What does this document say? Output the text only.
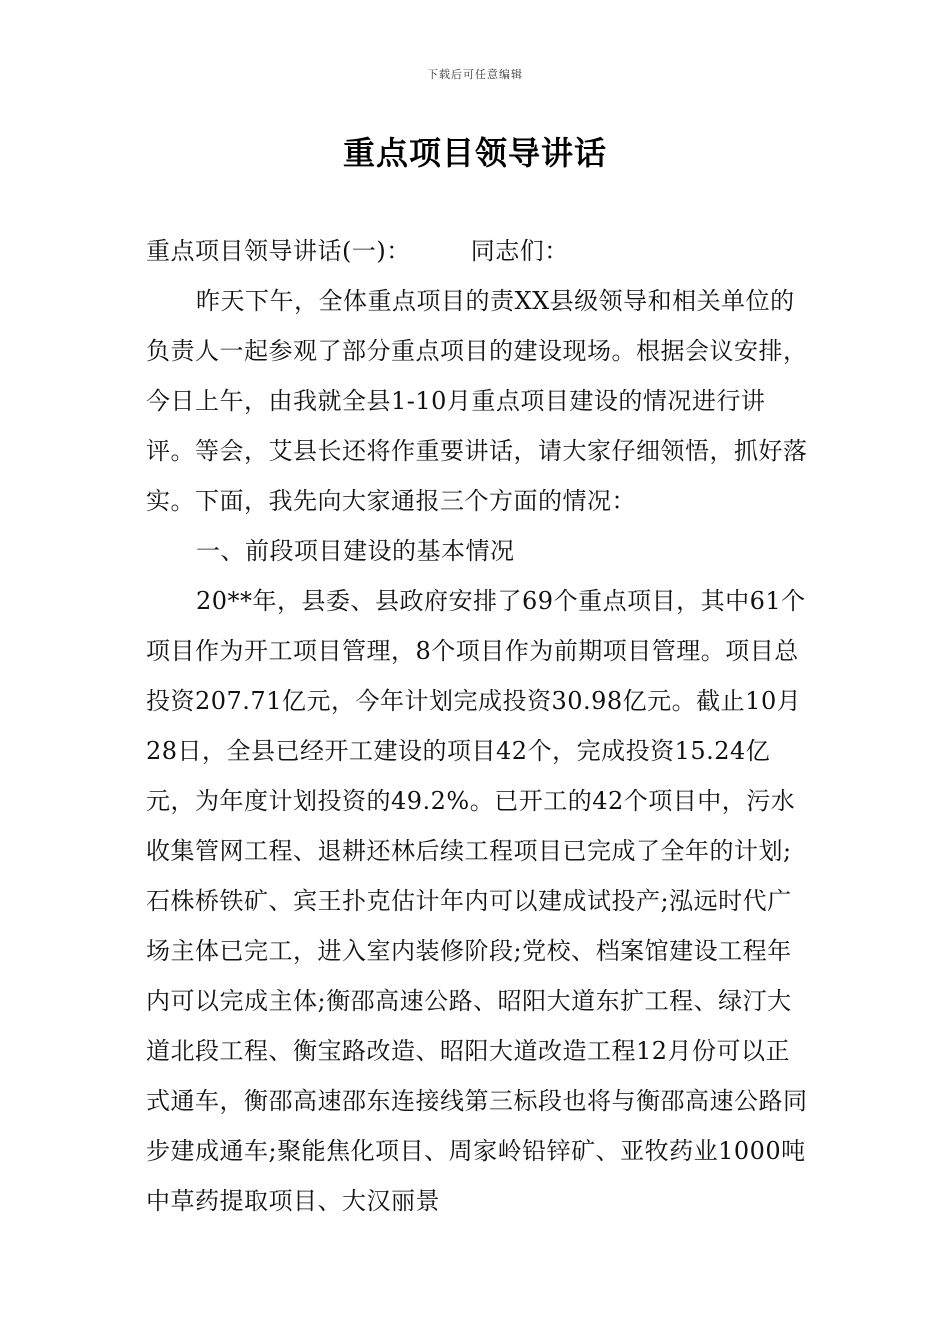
下载后可任意编辑
重点项目领导讲话

重点项目领导讲话(一)：	同志们：

昨天下午，全体重点项目的责XX县级领导和相关单位的负责人一起参观了部分重点项目的建设现场。根据会议安排，今日上午，由我就全县1-10月重点项目建设的情况进行讲评。等会，艾县长还将作重要讲话，请大家仔细领悟，抓好落实。下面，我先向大家通报三个方面的情况：

一、前段项目建设的基本情况

20**年，县委、县政府安排了69个重点项目，其中61个项目作为开工项目管理，8个项目作为前期项目管理。项目总投资207.71亿元，今年计划完成投资30.98亿元。截止10月28日，全县已经开工建设的项目42个，完成投资15.24亿元，为年度计划投资的49.2%。已开工的42个项目中，污水收集管网工程、退耕还林后续工程项目已完成了全年的计划;石株桥铁矿、宾王扑克估计年内可以建成试投产;泓远时代广场主体已完工，进入室内装修阶段;党校、档案馆建设工程年内可以完成主体;衡邵高速公路、昭阳大道东扩工程、绿汀大道北段工程、衡宝路改造、昭阳大道改造工程12月份可以正式通车，衡邵高速邵东连接线第三标段也将与衡邵高速公路同步建成通车;聚能焦化项目、周家岭铅锌矿、亚牧药业1000吨中草药提取项目、大汉丽景
